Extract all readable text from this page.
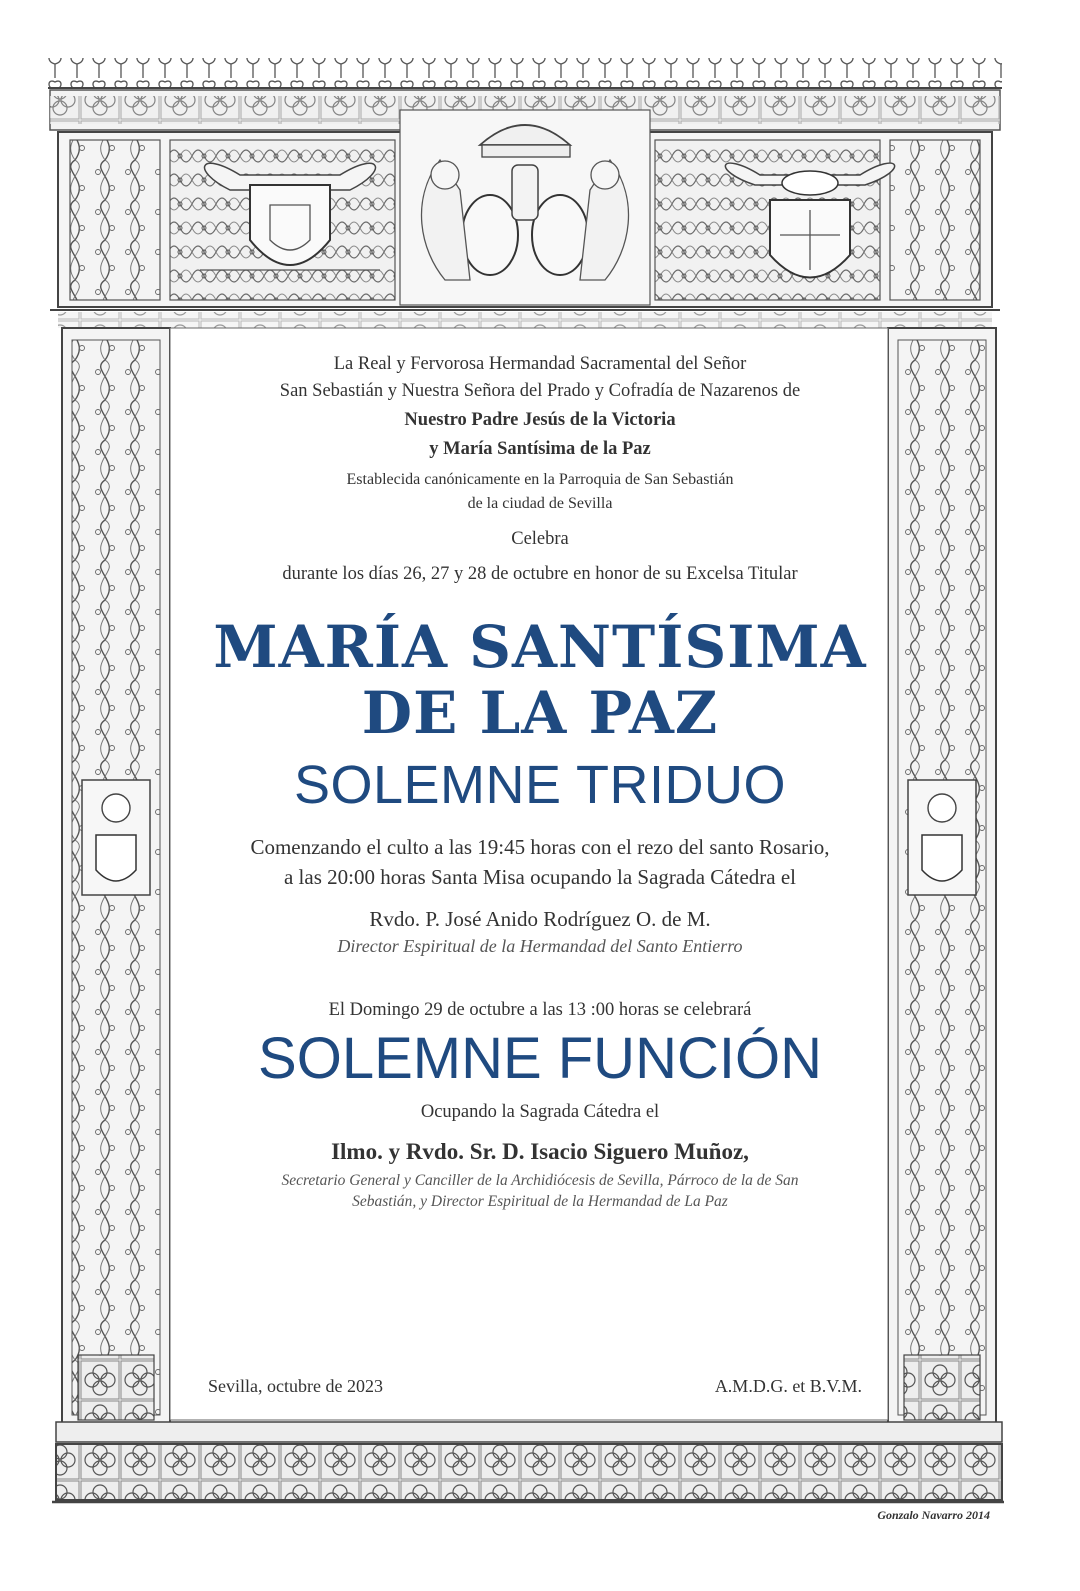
La Real y Fervorosa Hermandad Sacramental del Señor
San Sebastián y Nuestra Señora del Prado y Cofradía de Nazarenos de
Nuestro Padre Jesús de la Victoria
y María Santísima de la Paz
Establecida canónicamente en la Parroquia de San Sebastián
de la ciudad de Sevilla
Celebra
durante los días 26, 27 y 28 de octubre en honor de su Excelsa Titular
MARÍA SANTÍSIMA
DE LA PAZ
SOLEMNE TRIDUO
Comenzando el culto a las 19:45 horas con el rezo del santo Rosario,
a las 20:00 horas Santa Misa ocupando la Sagrada Cátedra el
Rvdo. P. José Anido Rodríguez O. de M.
Director Espiritual de la Hermandad del Santo Entierro
El Domingo 29 de octubre a las 13 :00 horas se celebrará
SOLEMNE FUNCIÓN
Ocupando la Sagrada Cátedra el
Ilmo. y Rvdo. Sr. D. Isacio Siguero Muñoz,
Secretario General y Canciller de la Archidiócesis de Sevilla, Párroco de la de San
Sebastián, y Director Espiritual de la Hermandad de La Paz
Sevilla, octubre de 2023	A.M.D.G. et B.V.M.
Gonzalo Navarro 2014
